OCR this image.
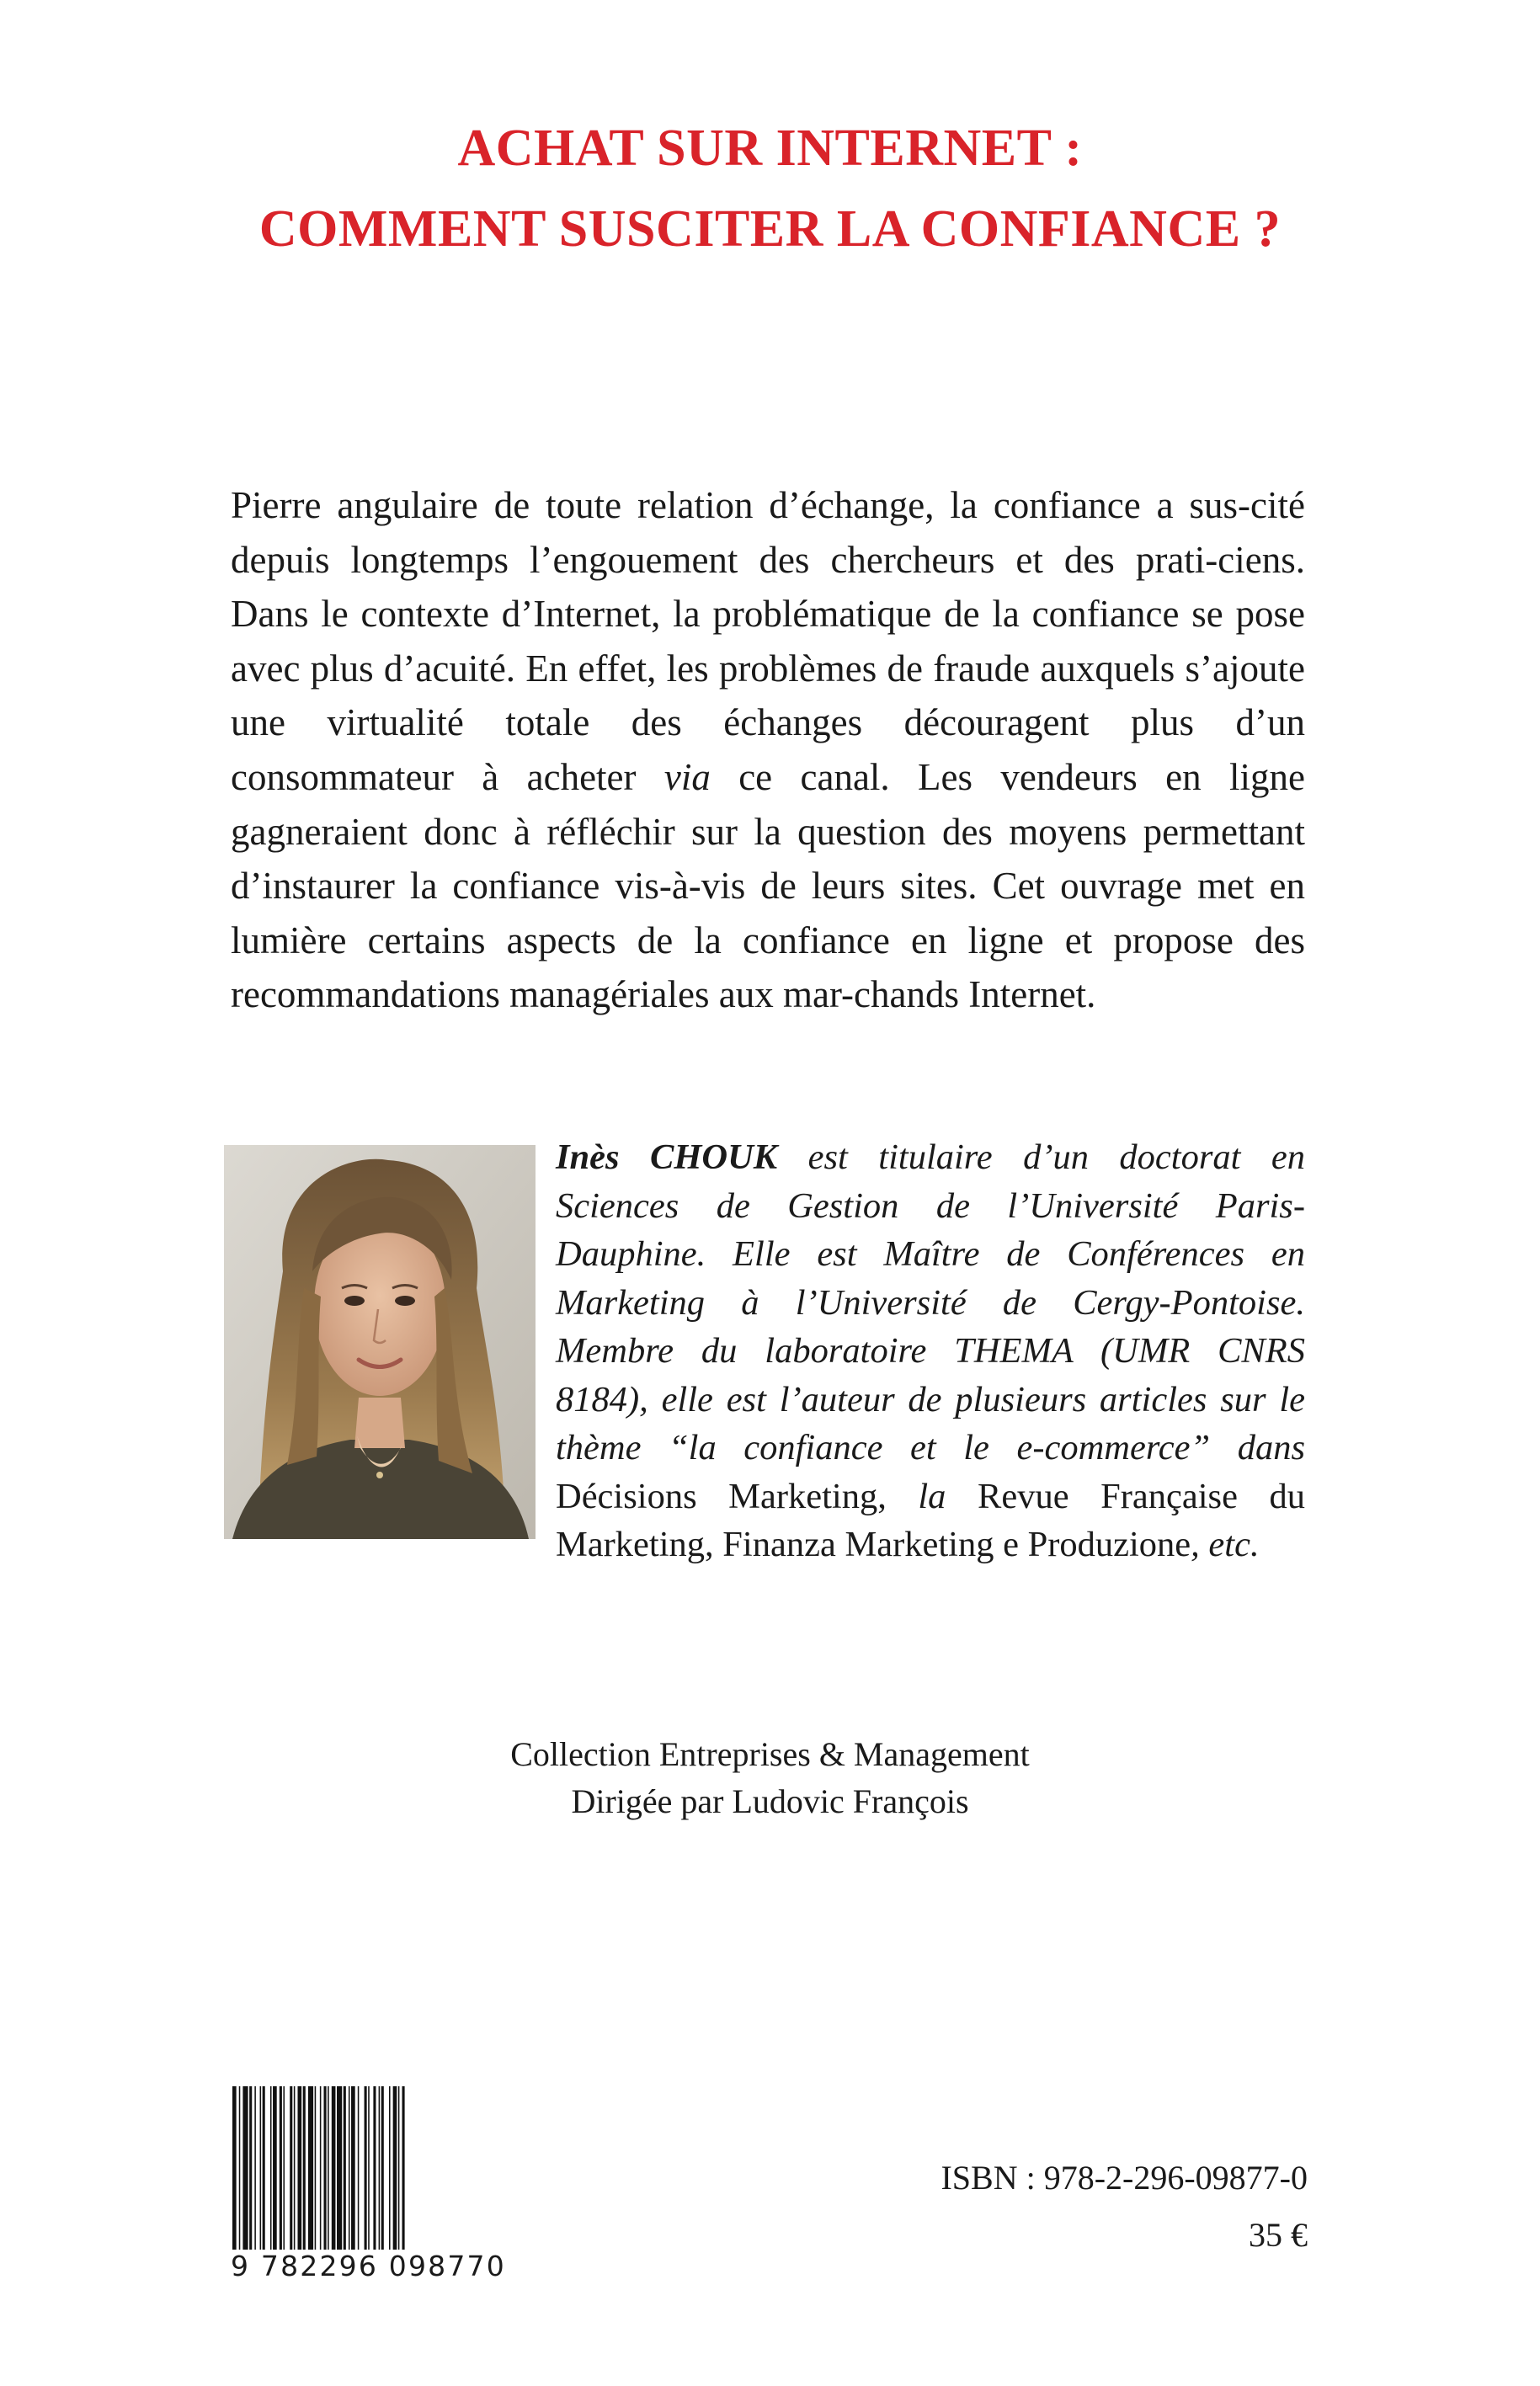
ACHAT SUR INTERNET :
COMMENT SUSCITER LA CONFIANCE ?
Pierre angulaire de toute relation d’échange, la confiance a sus-cité depuis longtemps l’engouement des chercheurs et des prati-ciens. Dans le contexte d’Internet, la problématique de la confiance se pose avec plus d’acuité. En effet, les problèmes de fraude auxquels s’ajoute une virtualité totale des échanges découragent plus d’un consommateur à acheter via ce canal. Les vendeurs en ligne gagneraient donc à réfléchir sur la question des moyens permettant d’instaurer la confiance vis-à-vis de leurs sites. Cet ouvrage met en lumière certains aspects de la confiance en ligne et propose des recommandations managériales aux mar-chands Internet.
Inès CHOUK est titulaire d’un doctorat en Sciences de Gestion de l’Université Paris-Dauphine. Elle est Maître de Conférences en Marketing à l’Université de Cergy-Pontoise. Membre du laboratoire THEMA (UMR CNRS 8184), elle est l’auteur de plusieurs articles sur le thème “la confiance et le e-commerce” dans Décisions Marketing, la Revue Française du Marketing, Finanza Marketing e Produzione, etc.
Collection Entreprises & Management
Dirigée par Ludovic François
9 782296 098770
ISBN : 978-2-296-09877-0
35 €
